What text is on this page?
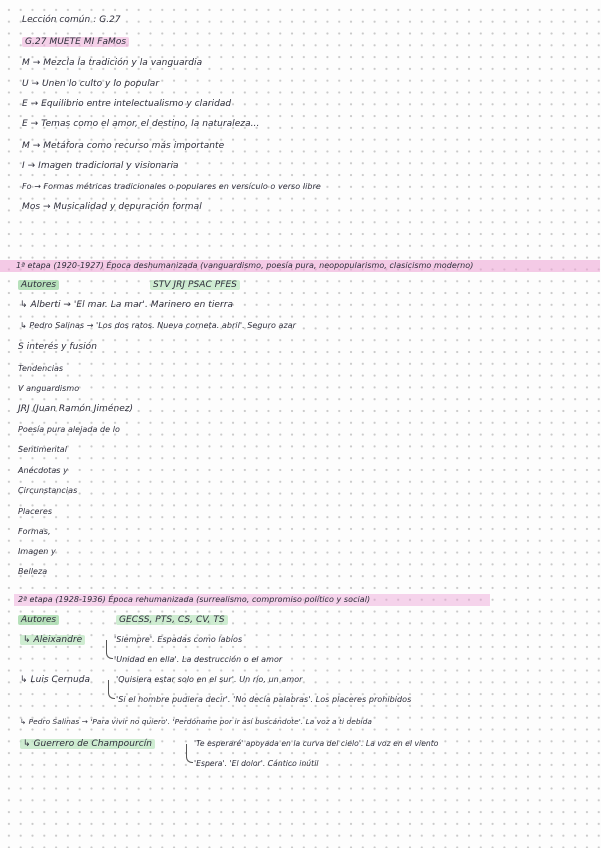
Lección común : G.27
G.27 MUETE MI FaMos
M → Mezcla la tradición y la vanguardia
U → Unen lo culto y lo popular
E → Equilibrio entre intelectualismo y claridad
E → Temas como el amor, el destino, la naturaleza...
M → Metáfora como recurso más importante
I → Imagen tradicional y visionaria
Fo → Formas métricas tradicionales o populares en versículo o verso libre
Mos → Musicalidad y depuración formal
1ª etapa (1920-1927) Época deshumanizada (vanguardismo, poesía pura, neopopularismo, clasicismo moderno)
Autores	STV JRJ PSAC PFES
↳ Alberti → 'El mar. La mar'. Marinero en tierra
↳ Pedro Salinas → 'Los dos ratos. Nueva corneta. abril'. Seguro azar
S interés y fusión
Tendencias
V anguardismo
JRJ (Juan Ramón Jiménez)
Poesía pura alejada de lo
Sentimental
Anécdotas y
Circunstancias
Placeres
Formas,
Imagen y
Belleza
2ª etapa (1928-1936) Época rehumanizada (surrealismo, compromiso político y social)
Autores	GECSS, PTS, CS, CV, TS
↳ Aleixandre	'Siempre'. Espadas como labios
'Unidad en ella'. La destrucción o el amor
↳ Luis Cernuda	'Quisiera estar solo en el sur'. Un río, un amor
'Si el hombre pudiera decir'. 'No decía palabras'. Los placeres prohibidos
↳ Pedro Salinas → 'Para vivir no quiero'. 'Perdóname por ir así buscándote'. La voz a ti debida
↳ Guerrero de Champourcín	'Te esperaré' apoyada en la curva del cielo'. La voz en el viento
'Espera'. 'El dolor'. Cántico inútil
